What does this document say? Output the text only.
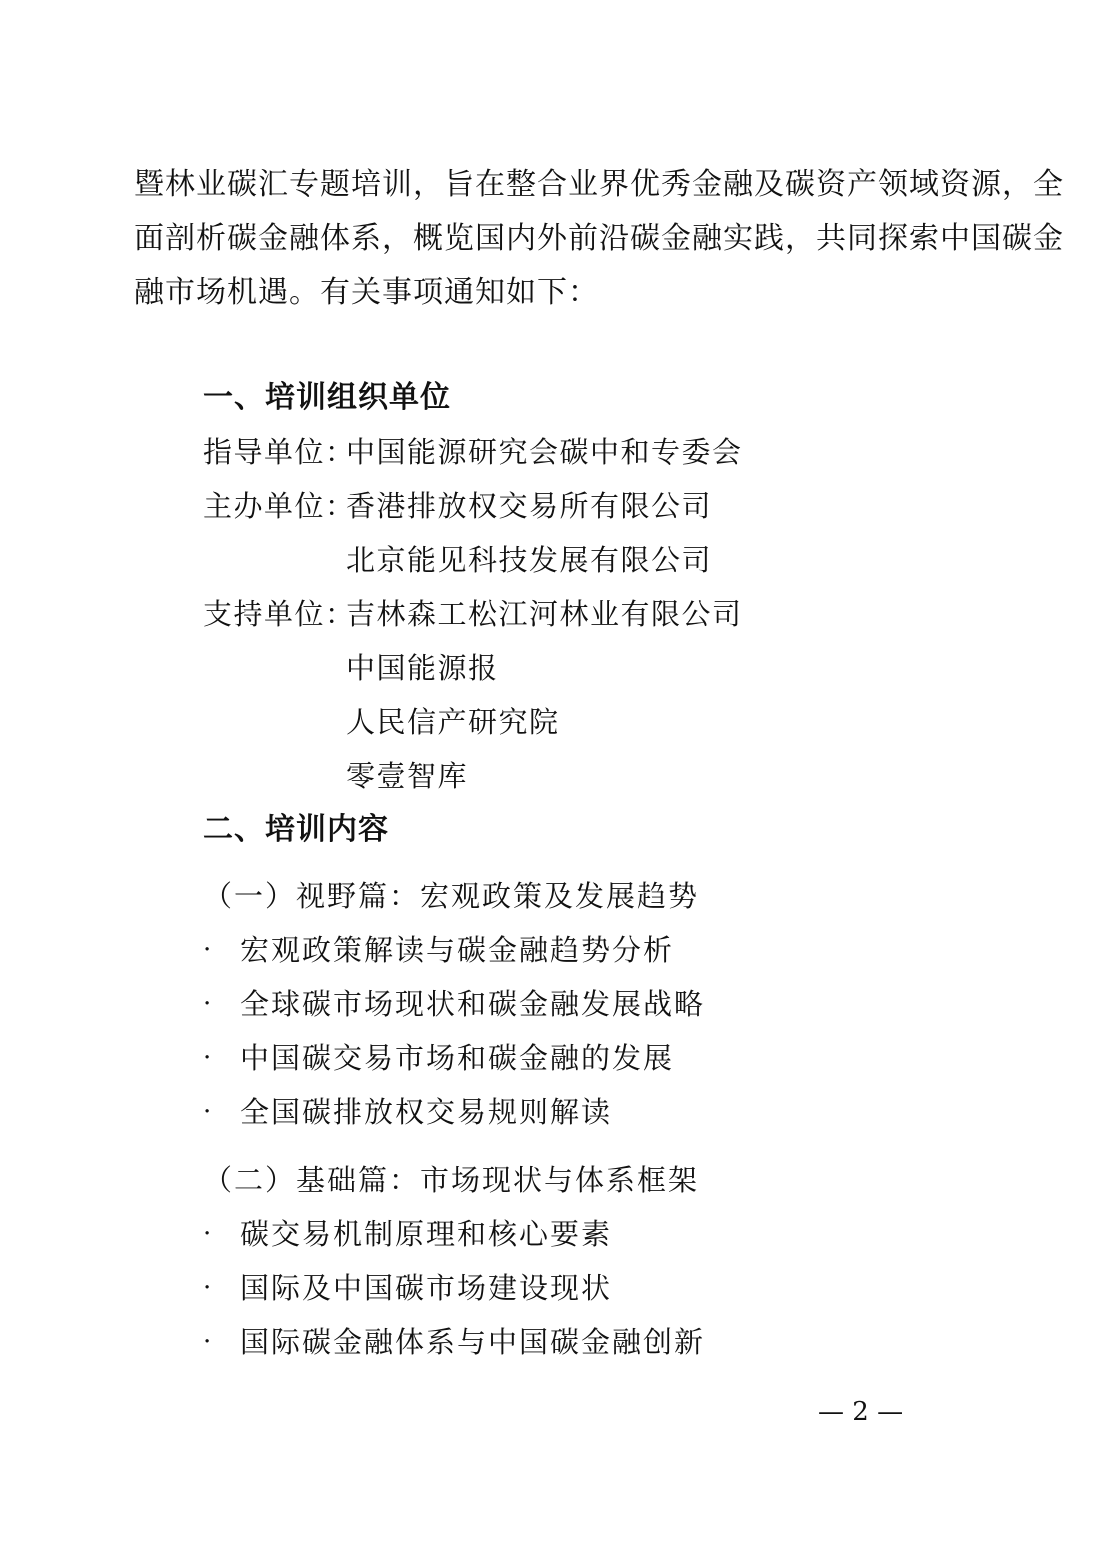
暨林业碳汇专题培训，旨在整合业界优秀金融及碳资产领域资源，全
面剖析碳金融体系，概览国内外前沿碳金融实践，共同探索中国碳金
融市场机遇。有关事项通知如下：
一、培训组织单位
指导单位：
中国能源研究会碳中和专委会
主办单位：
香港排放权交易所有限公司
北京能见科技发展有限公司
支持单位：
吉林森工松江河林业有限公司
中国能源报
人民信产研究院
零壹智库
二、培训内容
（一）视野篇：宏观政策及发展趋势
· 宏观政策解读与碳金融趋势分析
· 全球碳市场现状和碳金融发展战略
· 中国碳交易市场和碳金融的发展
· 全国碳排放权交易规则解读
（二）基础篇：市场现状与体系框架
· 碳交易机制原理和核心要素
· 国际及中国碳市场建设现状
· 国际碳金融体系与中国碳金融创新
— 2 —
